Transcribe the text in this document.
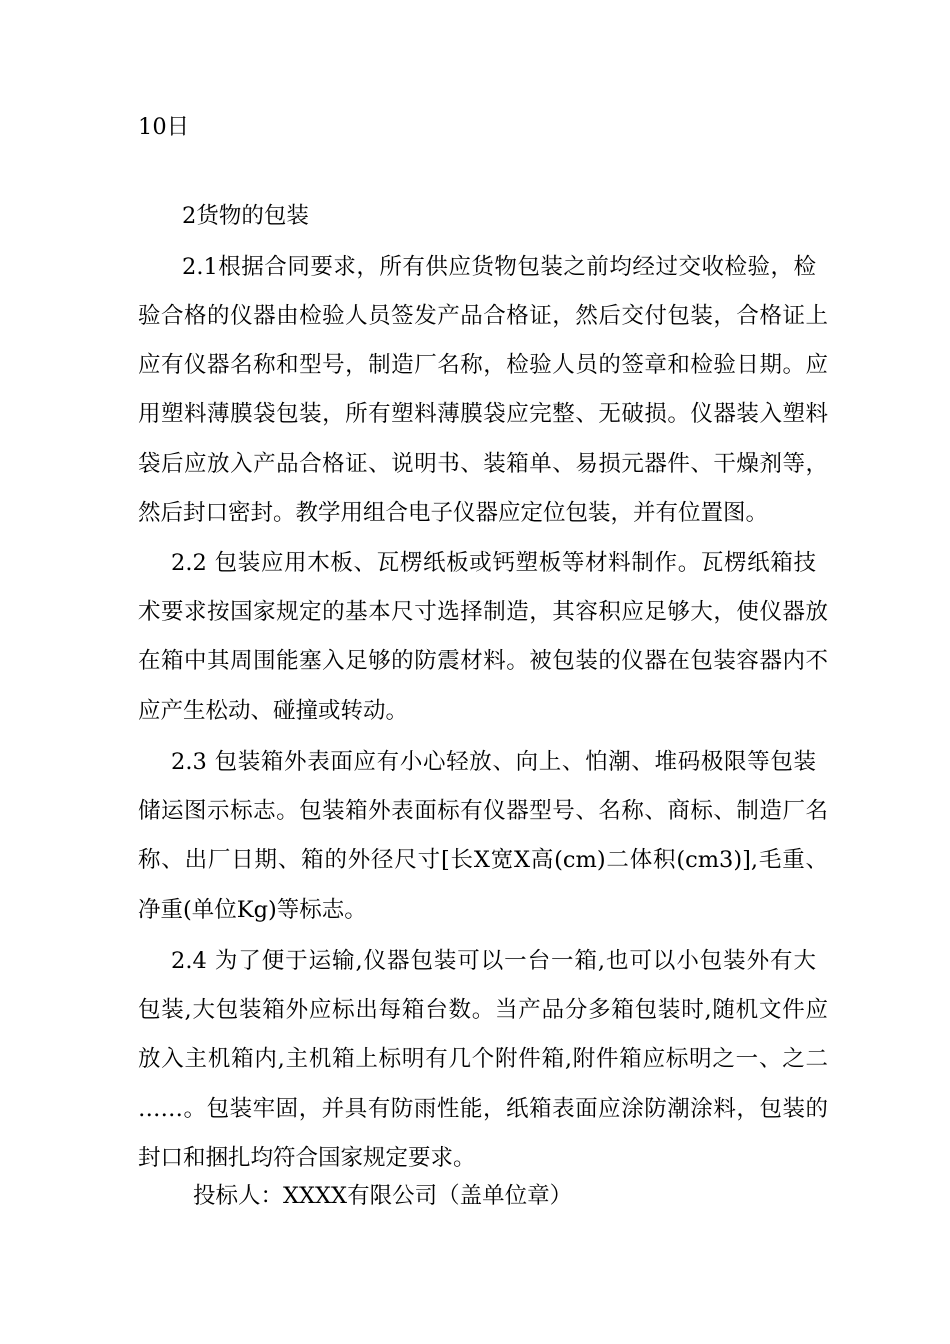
10日
2货物的包装
2.1根据合同要求，所有供应货物包装之前均经过交收检验，检
验合格的仪器由检验人员签发产品合格证，然后交付包装，合格证上
应有仪器名称和型号，制造厂名称，检验人员的签章和检验日期。应
用塑料薄膜袋包装，所有塑料薄膜袋应完整、无破损。仪器装入塑料
袋后应放入产品合格证、说明书、装箱单、易损元器件、干燥剂等，
然后封口密封。教学用组合电子仪器应定位包装，并有位置图。
2.2 包装应用木板、瓦楞纸板或钙塑板等材料制作。瓦楞纸箱技
术要求按国家规定的基本尺寸选择制造，其容积应足够大，使仪器放
在箱中其周围能塞入足够的防震材料。被包装的仪器在包装容器内不
应产生松动、碰撞或转动。
2.3 包装箱外表面应有小心轻放、向上、怕潮、堆码极限等包装
储运图示标志。包装箱外表面标有仪器型号、名称、商标、制造厂名
称、出厂日期、箱的外径尺寸[长X宽X高(cm)二体积(cm3)],毛重、
净重(单位Kg)等标志。
2.4 为了便于运输,仪器包装可以一台一箱,也可以小包装外有大
包装,大包装箱外应标出每箱台数。当产品分多箱包装时,随机文件应
放入主机箱内,主机箱上标明有几个附件箱,附件箱应标明之一、之二
……。包装牢固，并具有防雨性能，纸箱表面应涂防潮涂料，包装的
封口和捆扎均符合国家规定要求。
投标人：XXXX有限公司（盖单位章）
